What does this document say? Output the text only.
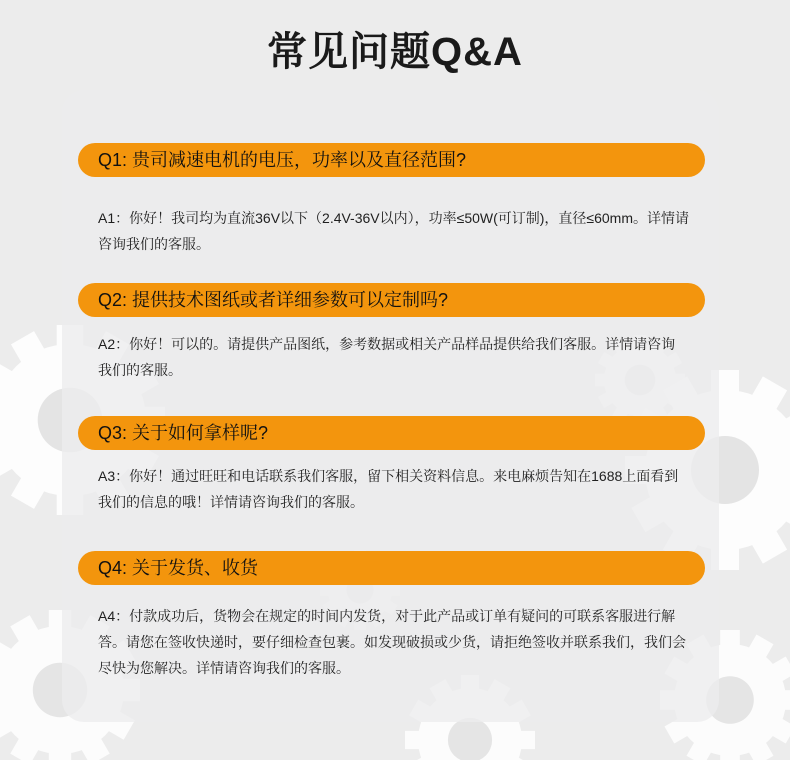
常见问题Q&A
Q1: 贵司减速电机的电压，功率以及直径范围?

A1：你好！我司均为直流36V以下（2.4V-36V以内），功率≤50W(可订制)，直径≤60mm。详情请咨询我们的客服。

Q2: 提供技术图纸或者详细参数可以定制吗?

A2：你好！可以的。请提供产品图纸，参考数据或相关产品样品提供给我们客服。详情请咨询我们的客服。

Q3: 关于如何拿样呢?

A3：你好！通过旺旺和电话联系我们客服，留下相关资料信息。来电麻烦告知在1688上面看到我们的信息的哦！详情请咨询我们的客服。

Q4: 关于发货、收货

A4：付款成功后，货物会在规定的时间内发货，对于此产品或订单有疑问的可联系客服进行解答。请您在签收快递时，要仔细检查包裹。如发现破损或少货，请拒绝签收并联系我们，我们会尽快为您解决。详情请咨询我们的客服。
